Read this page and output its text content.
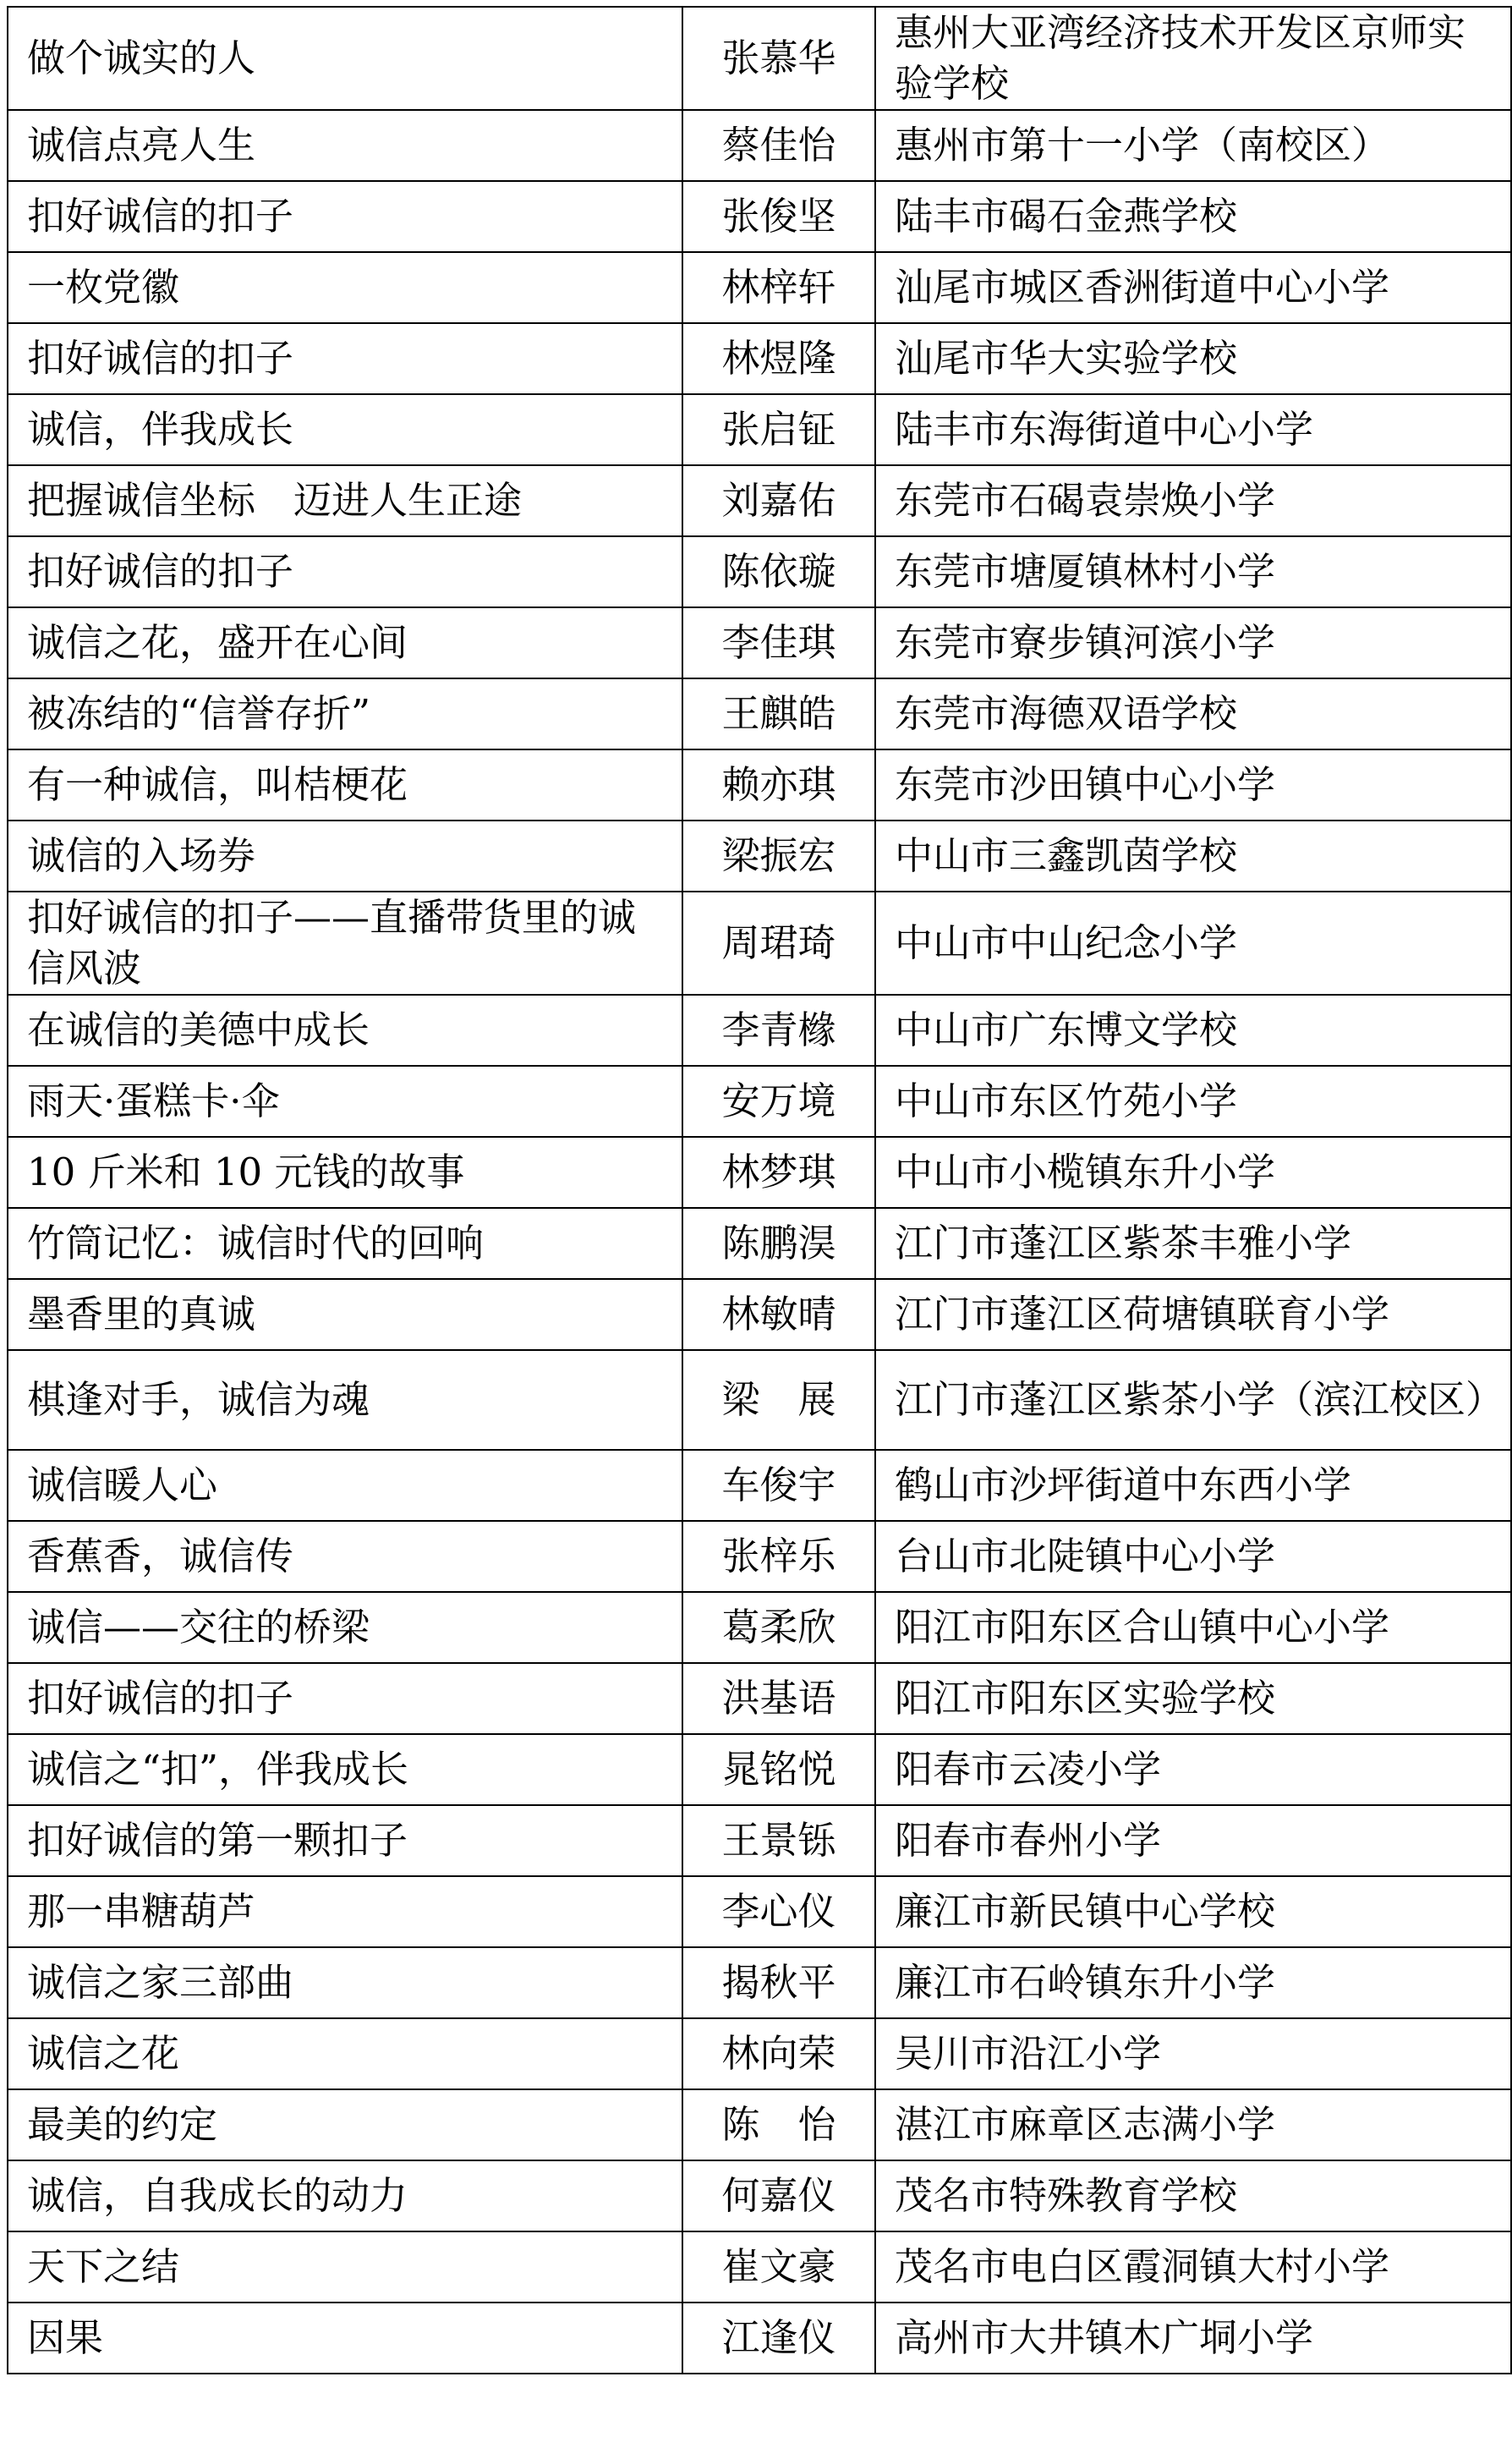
做个诚实的人	张慕华	惠州大亚湾经济技术开发区京师实验学校
诚信点亮人生	蔡佳怡	惠州市第十一小学（南校区）
扣好诚信的扣子	张俊坚	陆丰市碣石金燕学校
一枚党徽	林梓轩	汕尾市城区香洲街道中心小学
扣好诚信的扣子	林煜隆	汕尾市华大实验学校
诚信，伴我成长	张启钲	陆丰市东海街道中心小学
把握诚信坐标　迈进人生正途	刘嘉佑	东莞市石碣袁崇焕小学
扣好诚信的扣子	陈依璇	东莞市塘厦镇林村小学
诚信之花，盛开在心间	李佳琪	东莞市寮步镇河滨小学
被冻结的“信誉存折”	王麒皓	东莞市海德双语学校
有一种诚信，叫桔梗花	赖亦琪	东莞市沙田镇中心小学
诚信的入场券	梁振宏	中山市三鑫凯茵学校
扣好诚信的扣子——直播带货里的诚信风波	周珺琦	中山市中山纪念小学
在诚信的美德中成长	李青橼	中山市广东博文学校
雨天·蛋糕卡·伞	安万境	中山市东区竹苑小学
10 斤米和 10 元钱的故事	林梦琪	中山市小榄镇东升小学
竹筒记忆：诚信时代的回响	陈鹏淏	江门市蓬江区紫茶丰雅小学
墨香里的真诚	林敏晴	江门市蓬江区荷塘镇联育小学
棋逢对手，诚信为魂	梁　展	江门市蓬江区紫茶小学（滨江校区）
诚信暖人心	车俊宇	鹤山市沙坪街道中东西小学
香蕉香，诚信传	张梓乐	台山市北陡镇中心小学
诚信——交往的桥梁	葛柔欣	阳江市阳东区合山镇中心小学
扣好诚信的扣子	洪基语	阳江市阳东区实验学校
诚信之“扣”，伴我成长	晁铭悦	阳春市云凌小学
扣好诚信的第一颗扣子	王景铄	阳春市春州小学
那一串糖葫芦	李心仪	廉江市新民镇中心学校
诚信之家三部曲	揭秋平	廉江市石岭镇东升小学
诚信之花	林向荣	吴川市沿江小学
最美的约定	陈　怡	湛江市麻章区志满小学
诚信，自我成长的动力	何嘉仪	茂名市特殊教育学校
天下之结	崔文豪	茂名市电白区霞洞镇大村小学
因果	江逢仪	高州市大井镇木广垌小学
